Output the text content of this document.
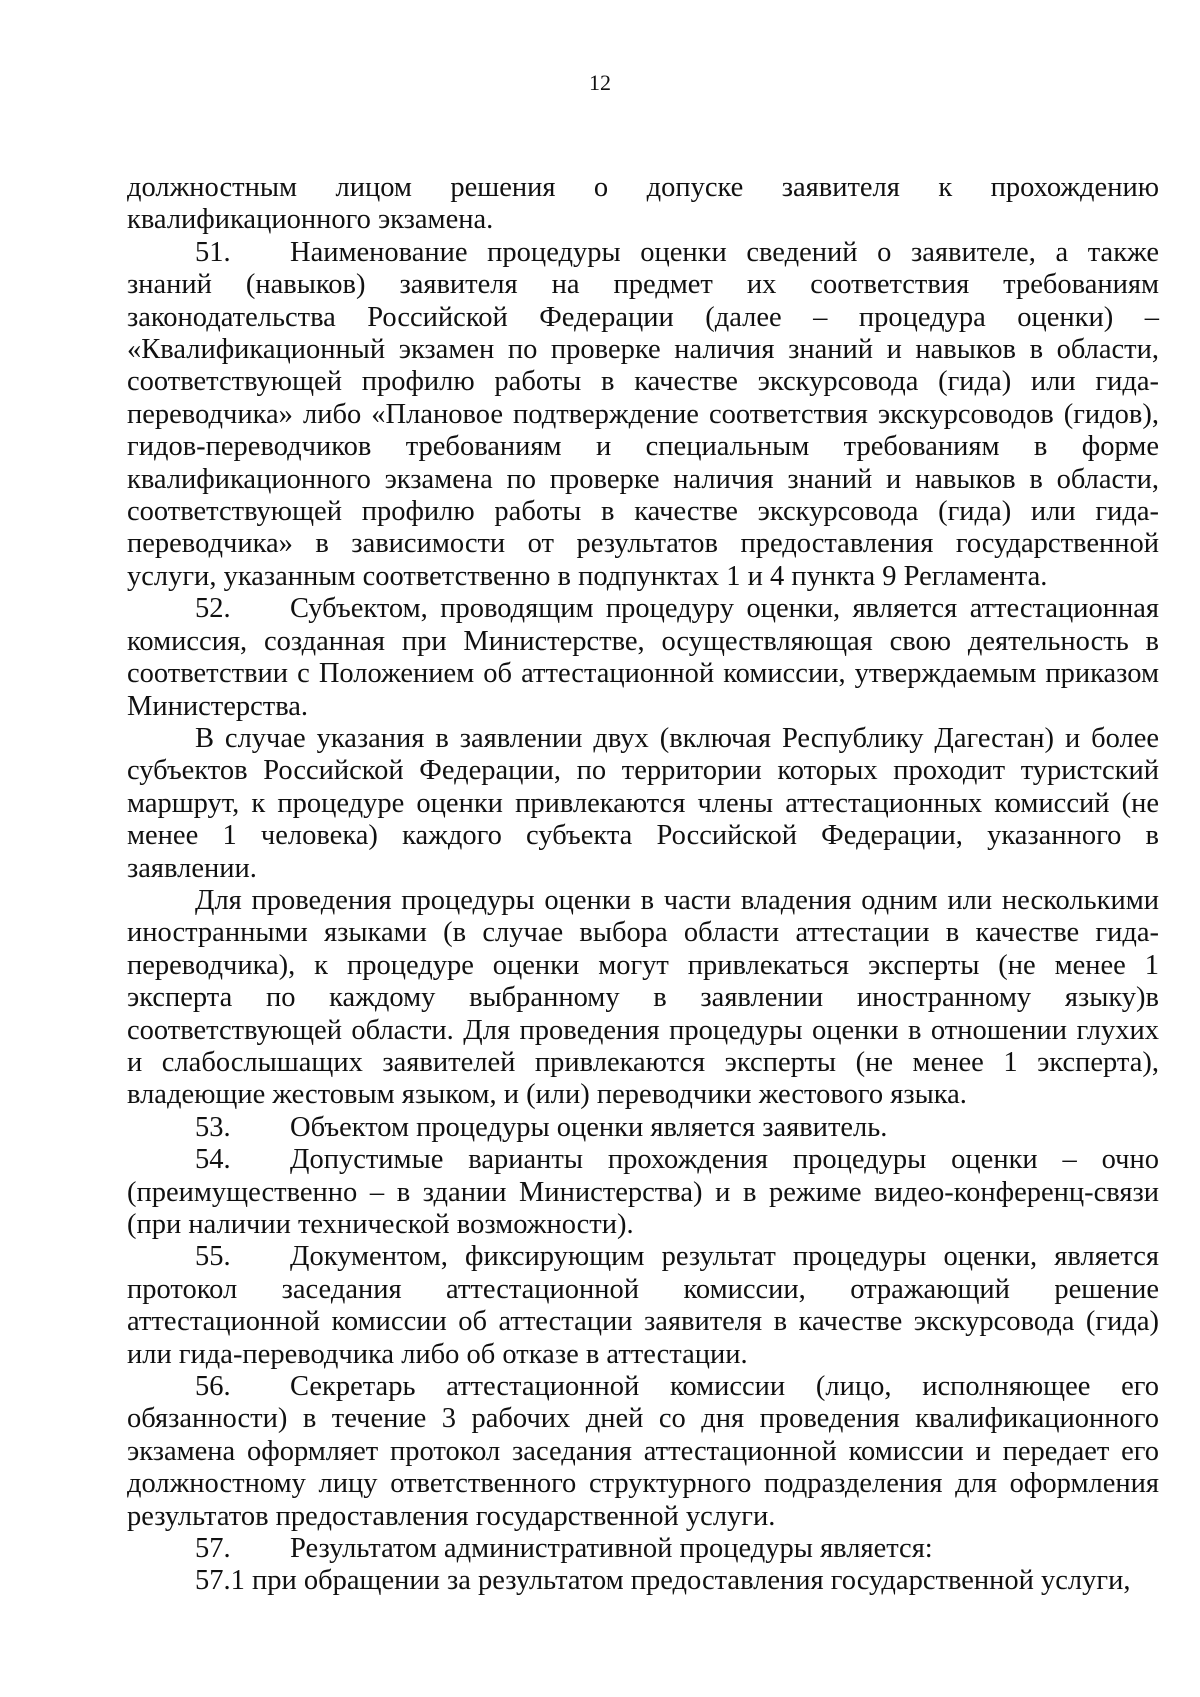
12

должностным лицом решения о допуске заявителя к прохождению квалификационного экзамена.

51. Наименование процедуры оценки сведений о заявителе, а также знаний (навыков) заявителя на предмет их соответствия требованиям законодательства Российской Федерации (далее – процедура оценки) – «Квалификационный экзамен по проверке наличия знаний и навыков в области, соответствующей профилю работы в качестве экскурсовода (гида) или гида-переводчика» либо «Плановое подтверждение соответствия экскурсоводов (гидов), гидов-переводчиков требованиям и специальным требованиям в форме квалификационного экзамена по проверке наличия знаний и навыков в области, соответствующей профилю работы в качестве экскурсовода (гида) или гида-переводчика» в зависимости от результатов предоставления государственной услуги, указанным соответственно в подпунктах 1 и 4 пункта 9 Регламента.

52. Субъектом, проводящим процедуру оценки, является аттестационная комиссия, созданная при Министерстве, осуществляющая свою деятельность в соответствии с Положением об аттестационной комиссии, утверждаемым приказом Министерства.

В случае указания в заявлении двух (включая Республику Дагестан) и более субъектов Российской Федерации, по территории которых проходит туристский маршрут, к процедуре оценки привлекаются члены аттестационных комиссий (не менее 1 человека) каждого субъекта Российской Федерации, указанного в заявлении.

Для проведения процедуры оценки в части владения одним или несколькими иностранными языками (в случае выбора области аттестации в качестве гида-переводчика), к процедуре оценки могут привлекаться эксперты (не менее 1 эксперта по каждому выбранному в заявлении иностранному языку)в соответствующей области. Для проведения процедуры оценки в отношении глухих и слабослышащих заявителей привлекаются эксперты (не менее 1 эксперта), владеющие жестовым языком, и (или) переводчики жестового языка.

53. Объектом процедуры оценки является заявитель.

54. Допустимые варианты прохождения процедуры оценки – очно (преимущественно – в здании Министерства) и в режиме видео-конференц-связи (при наличии технической возможности).

55. Документом, фиксирующим результат процедуры оценки, является протокол заседания аттестационной комиссии, отражающий решение аттестационной комиссии об аттестации заявителя в качестве экскурсовода (гида) или гида-переводчика либо об отказе в аттестации.

56. Секретарь аттестационной комиссии (лицо, исполняющее его обязанности) в течение 3 рабочих дней со дня проведения квалификационного экзамена оформляет протокол заседания аттестационной комиссии и передает его должностному лицу ответственного структурного подразделения для оформления результатов предоставления государственной услуги.

57. Результатом административной процедуры является:

57.1 при обращении за результатом предоставления государственной услуги,
